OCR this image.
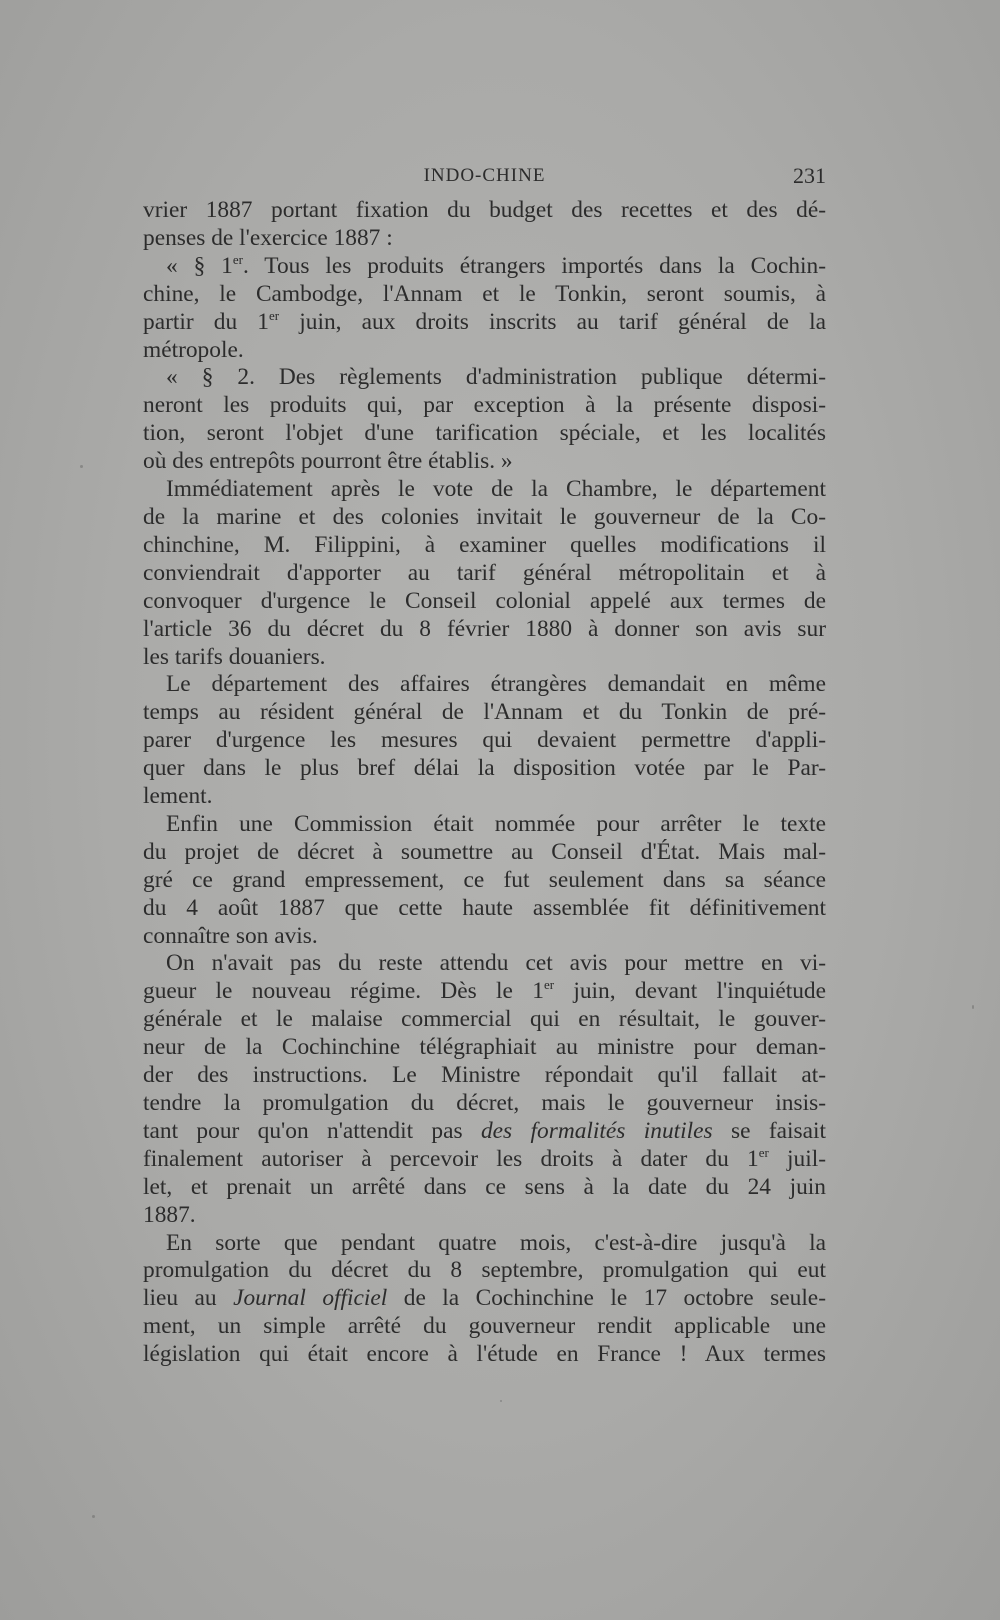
INDO-CHINE	231
vrier 1887 portant fixation du budget des recettes et des dé-
penses de l'exercice 1887 :
« § 1er. Tous les produits étrangers importés dans la Cochin-
chine, le Cambodge, l'Annam et le Tonkin, seront soumis, à
partir du 1er juin, aux droits inscrits au tarif général de la
métropole.
« § 2. Des règlements d'administration publique détermi-
neront les produits qui, par exception à la présente disposi-
tion, seront l'objet d'une tarification spéciale, et les localités
où des entrepôts pourront être établis. »
Immédiatement après le vote de la Chambre, le département
de la marine et des colonies invitait le gouverneur de la Co-
chinchine, M. Filippini, à examiner quelles modifications il
conviendrait d'apporter au tarif général métropolitain et à
convoquer d'urgence le Conseil colonial appelé aux termes de
l'article 36 du décret du 8 février 1880 à donner son avis sur
les tarifs douaniers.
Le département des affaires étrangères demandait en même
temps au résident général de l'Annam et du Tonkin de pré-
parer d'urgence les mesures qui devaient permettre d'appli-
quer dans le plus bref délai la disposition votée par le Par-
lement.
Enfin une Commission était nommée pour arrêter le texte
du projet de décret à soumettre au Conseil d'État. Mais mal-
gré ce grand empressement, ce fut seulement dans sa séance
du 4 août 1887 que cette haute assemblée fit définitivement
connaître son avis.
On n'avait pas du reste attendu cet avis pour mettre en vi-
gueur le nouveau régime. Dès le 1er juin, devant l'inquiétude
générale et le malaise commercial qui en résultait, le gouver-
neur de la Cochinchine télégraphiait au ministre pour deman-
der des instructions. Le Ministre répondait qu'il fallait at-
tendre la promulgation du décret, mais le gouverneur insis-
tant pour qu'on n'attendit pas des formalités inutiles se faisait
finalement autoriser à percevoir les droits à dater du 1er juil-
let, et prenait un arrêté dans ce sens à la date du 24 juin
1887.
En sorte que pendant quatre mois, c'est-à-dire jusqu'à la
promulgation du décret du 8 septembre, promulgation qui eut
lieu au Journal officiel de la Cochinchine le 17 octobre seule-
ment, un simple arrêté du gouverneur rendit applicable une
législation qui était encore à l'étude en France ! Aux termes
